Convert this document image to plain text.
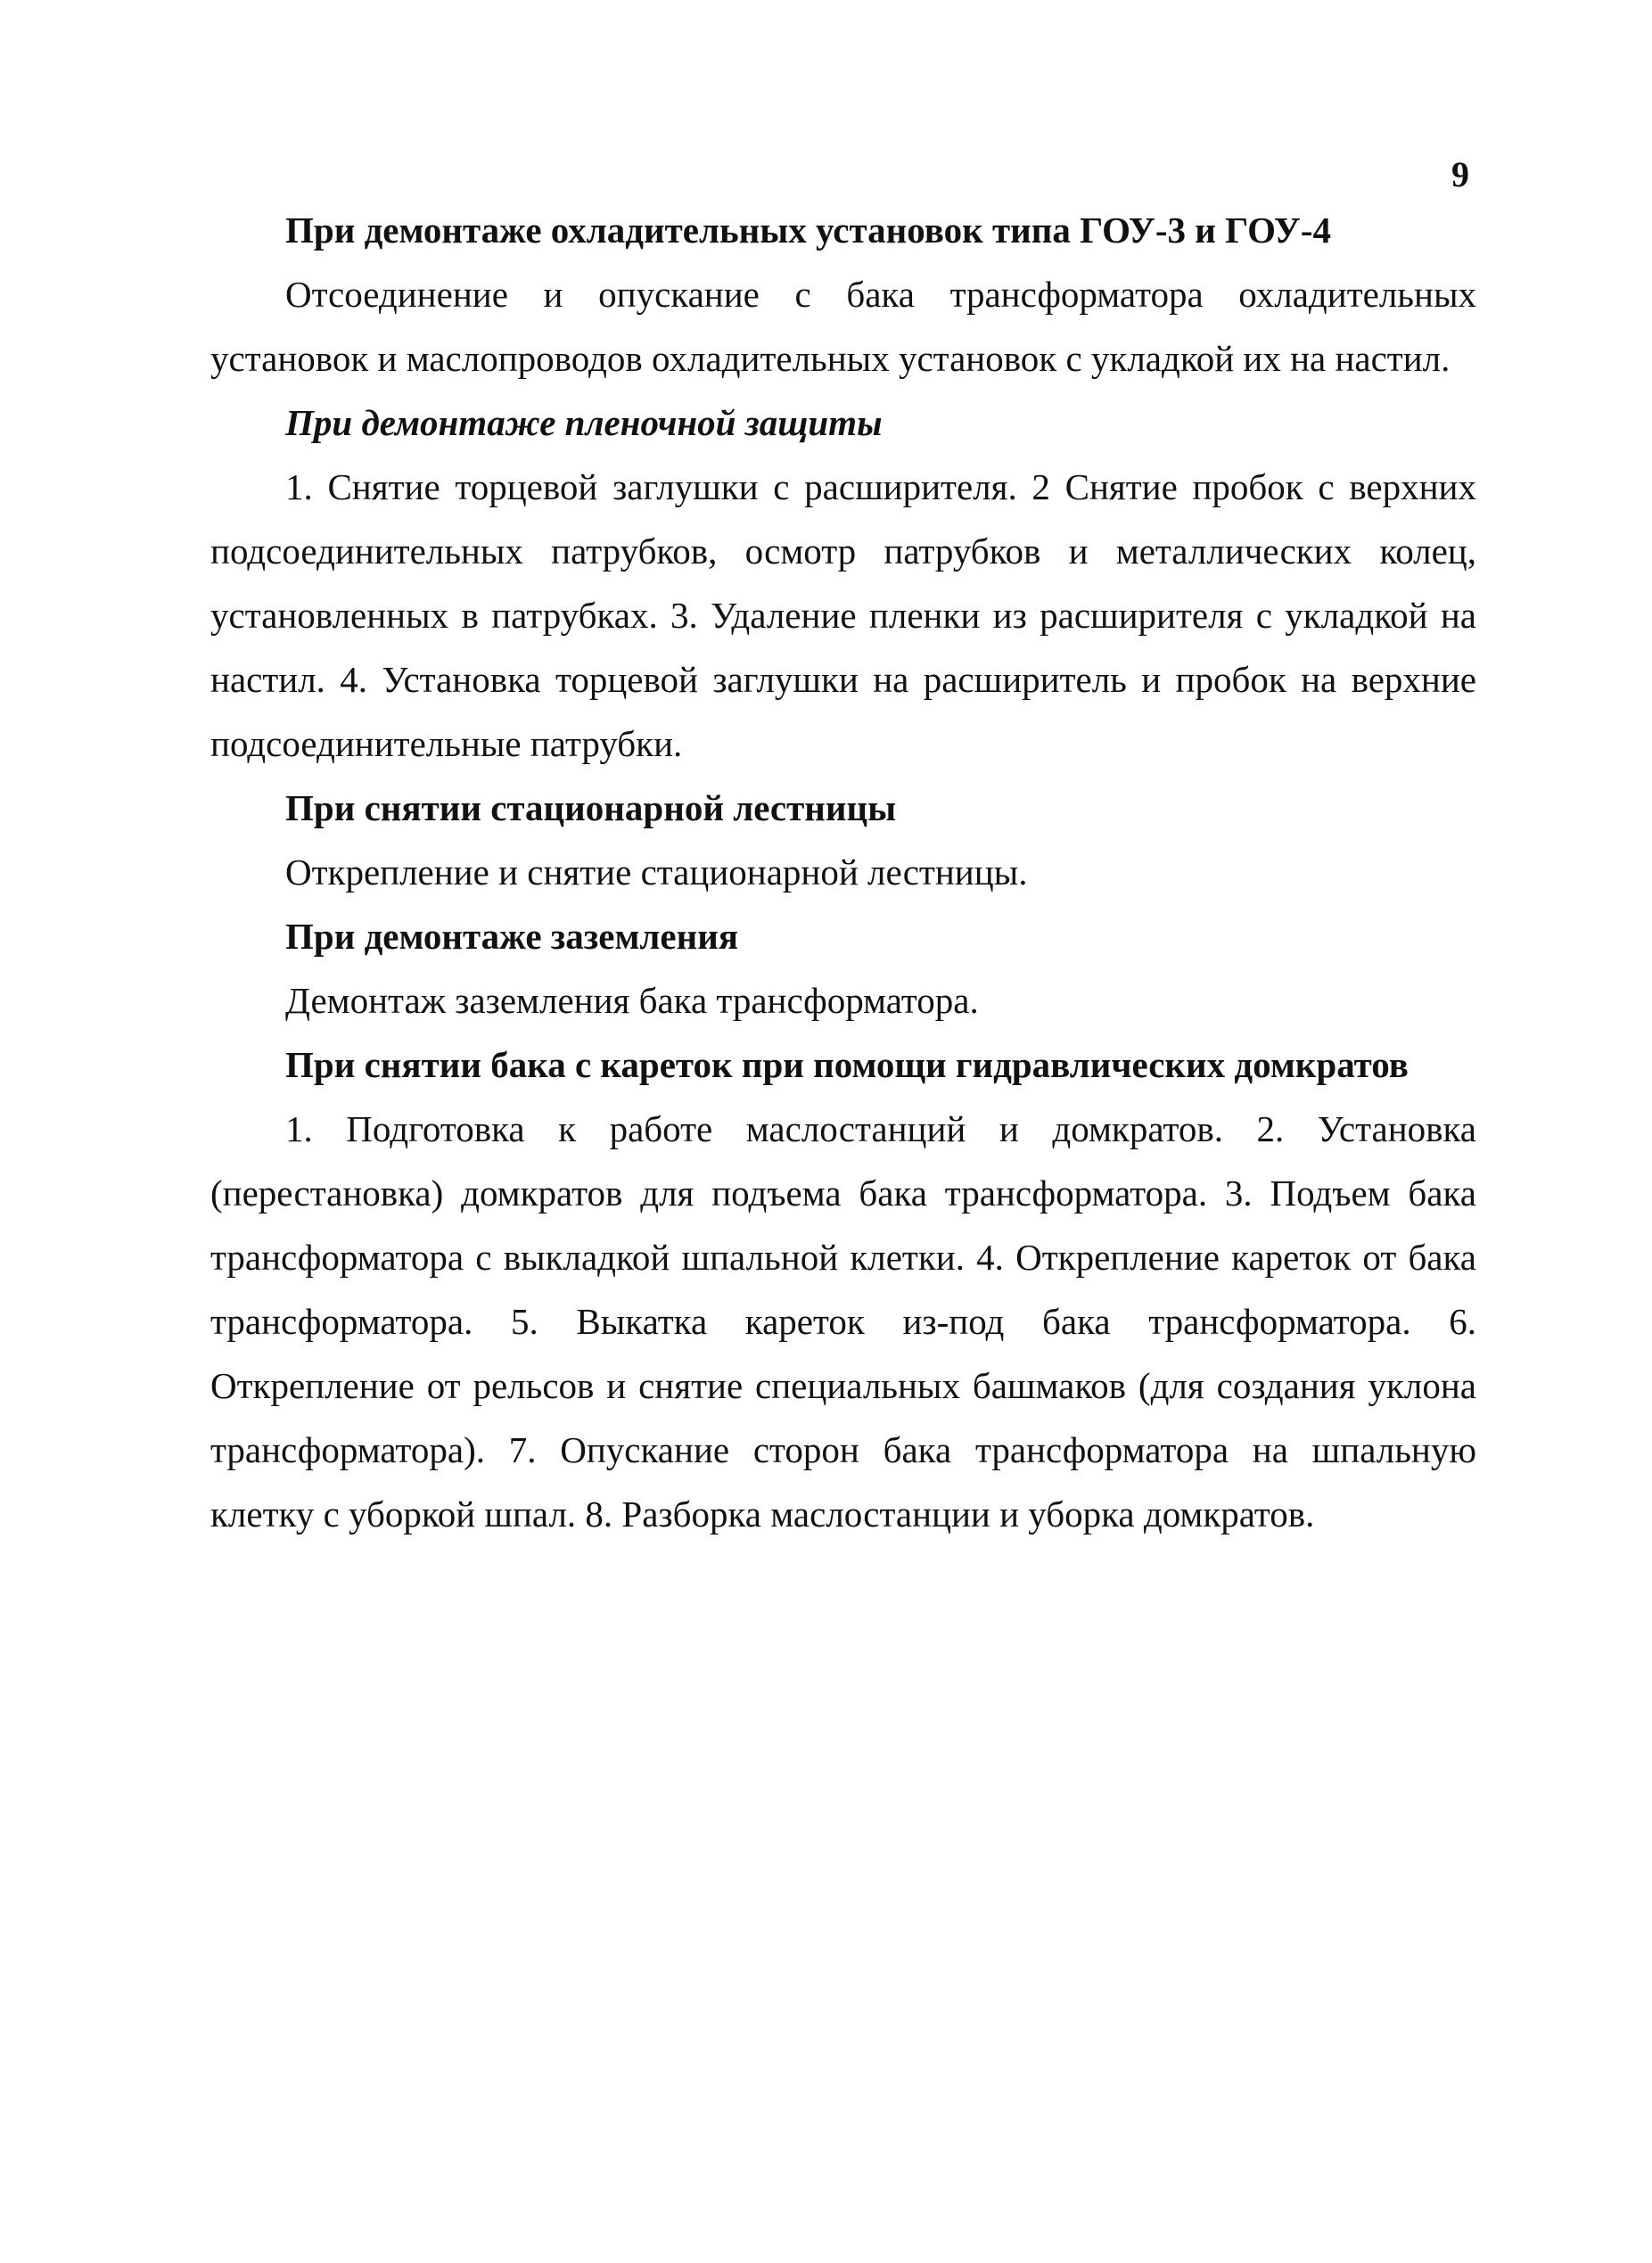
9

При демонтаже охладительных установок типа ГОУ-3 и ГОУ-4

Отсоединение и опускание с бака трансформатора охладительных установок и маслопроводов охладительных установок с укладкой их на настил.

При демонтаже пленочной защиты

1. Снятие торцевой заглушки с расширителя. 2 Снятие пробок с верхних подсоединительных патрубков, осмотр патрубков и металлических колец, установленных в патрубках. 3. Удаление пленки из расширителя с укладкой на настил. 4. Установка торцевой заглушки на расширитель и пробок на верхние подсоединительные патрубки.

При снятии стационарной лестницы

Открепление и снятие стационарной лестницы.

При демонтаже заземления

Демонтаж заземления бака трансформатора.

При снятии бака с кареток при помощи гидравлических домкратов

1. Подготовка к работе маслостанций и домкратов. 2. Установка (перестановка) домкратов для подъема бака трансформатора. 3. Подъем бака трансформатора с выкладкой шпальной клетки. 4. Открепление кареток от бака трансформатора. 5. Выкатка кареток из-под бака трансформатора. 6. Открепление от рельсов и снятие специальных башмаков (для создания уклона трансформатора). 7. Опускание сторон бака трансформатора на шпальную клетку с уборкой шпал. 8. Разборка маслостанции и уборка домкратов.
